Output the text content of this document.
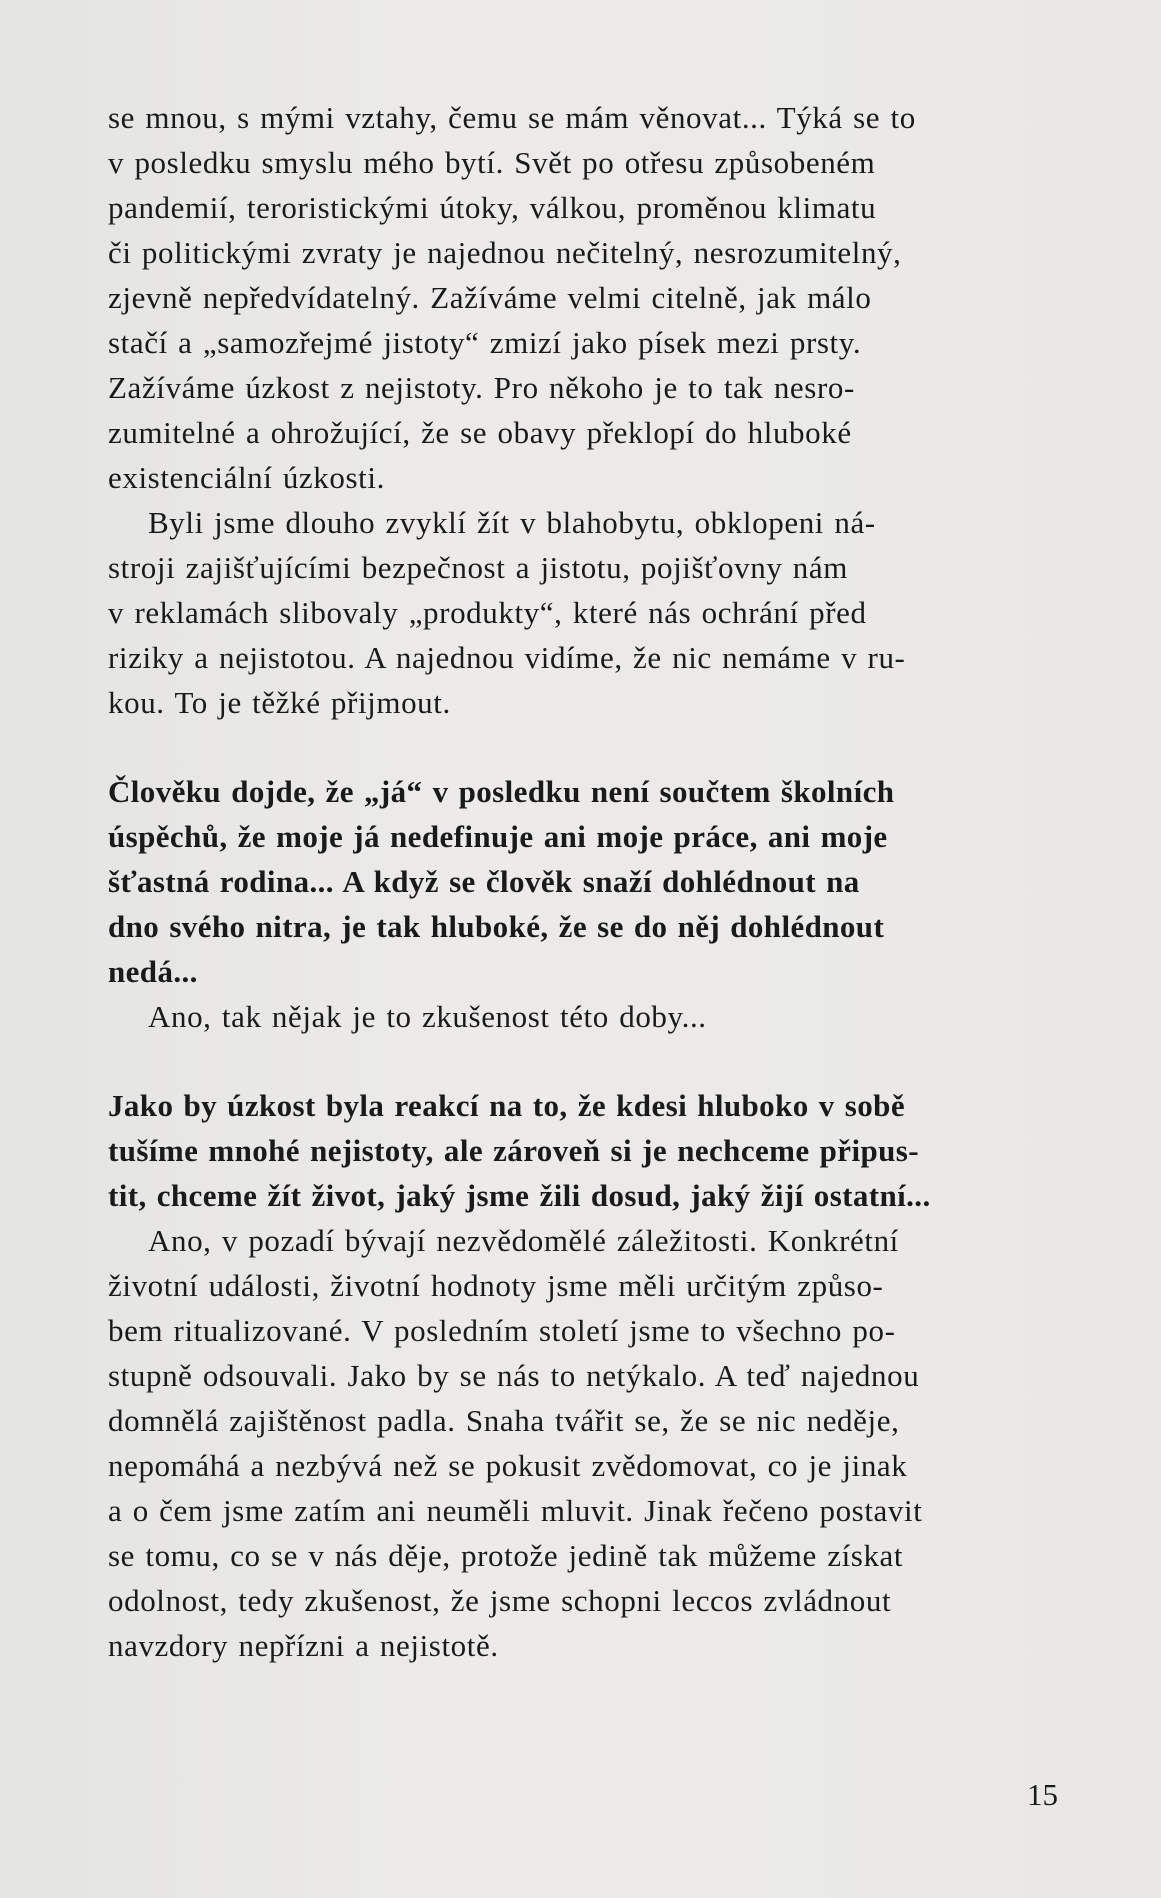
se mnou, s mými vztahy, čemu se mám věnovat... Týká se to
v posledku smyslu mého bytí. Svět po otřesu způsobeném
pandemií, teroristickými útoky, válkou, proměnou klimatu
či politickými zvraty je najednou nečitelný, nesrozumitelný,
zjevně nepředvídatelný. Zažíváme velmi citelně, jak málo
stačí a „samozřejmé jistoty“ zmizí jako písek mezi prsty.
Zažíváme úzkost z nejistoty. Pro někoho je to tak nesro-
zumitelné a ohrožující, že se obavy překlopí do hluboké
existenciální úzkosti.
Byli jsme dlouho zvyklí žít v blahobytu, obklopeni ná-
stroji zajišťujícími bezpečnost a jistotu, pojišťovny nám
v reklamách slibovaly „produkty“, které nás ochrání před
riziky a nejistotou. A najednou vidíme, že nic nemáme v ru-
kou. To je těžké přijmout.
Člověku dojde, že „já“ v posledku není součtem školních
úspěchů, že moje já nedefinuje ani moje práce, ani moje
šťastná rodina... A když se člověk snaží dohlédnout na
dno svého nitra, je tak hluboké, že se do něj dohlédnout
nedá...
Ano, tak nějak je to zkušenost této doby...
Jako by úzkost byla reakcí na to, že kdesi hluboko v sobě
tušíme mnohé nejistoty, ale zároveň si je nechceme připus-
tit, chceme žít život, jaký jsme žili dosud, jaký žijí ostatní...
Ano, v pozadí bývají nezvědomělé záležitosti. Konkrétní
životní události, životní hodnoty jsme měli určitým způso-
bem ritualizované. V posledním století jsme to všechno po-
stupně odsouvali. Jako by se nás to netýkalo. A teď najednou
domnělá zajištěnost padla. Snaha tvářit se, že se nic neděje,
nepomáhá a nezbývá než se pokusit zvědomovat, co je jinak
a o čem jsme zatím ani neuměli mluvit. Jinak řečeno postavit
se tomu, co se v nás děje, protože jedině tak můžeme získat
odolnost, tedy zkušenost, že jsme schopni leccos zvládnout
navzdory nepřízni a nejistotě.
15
